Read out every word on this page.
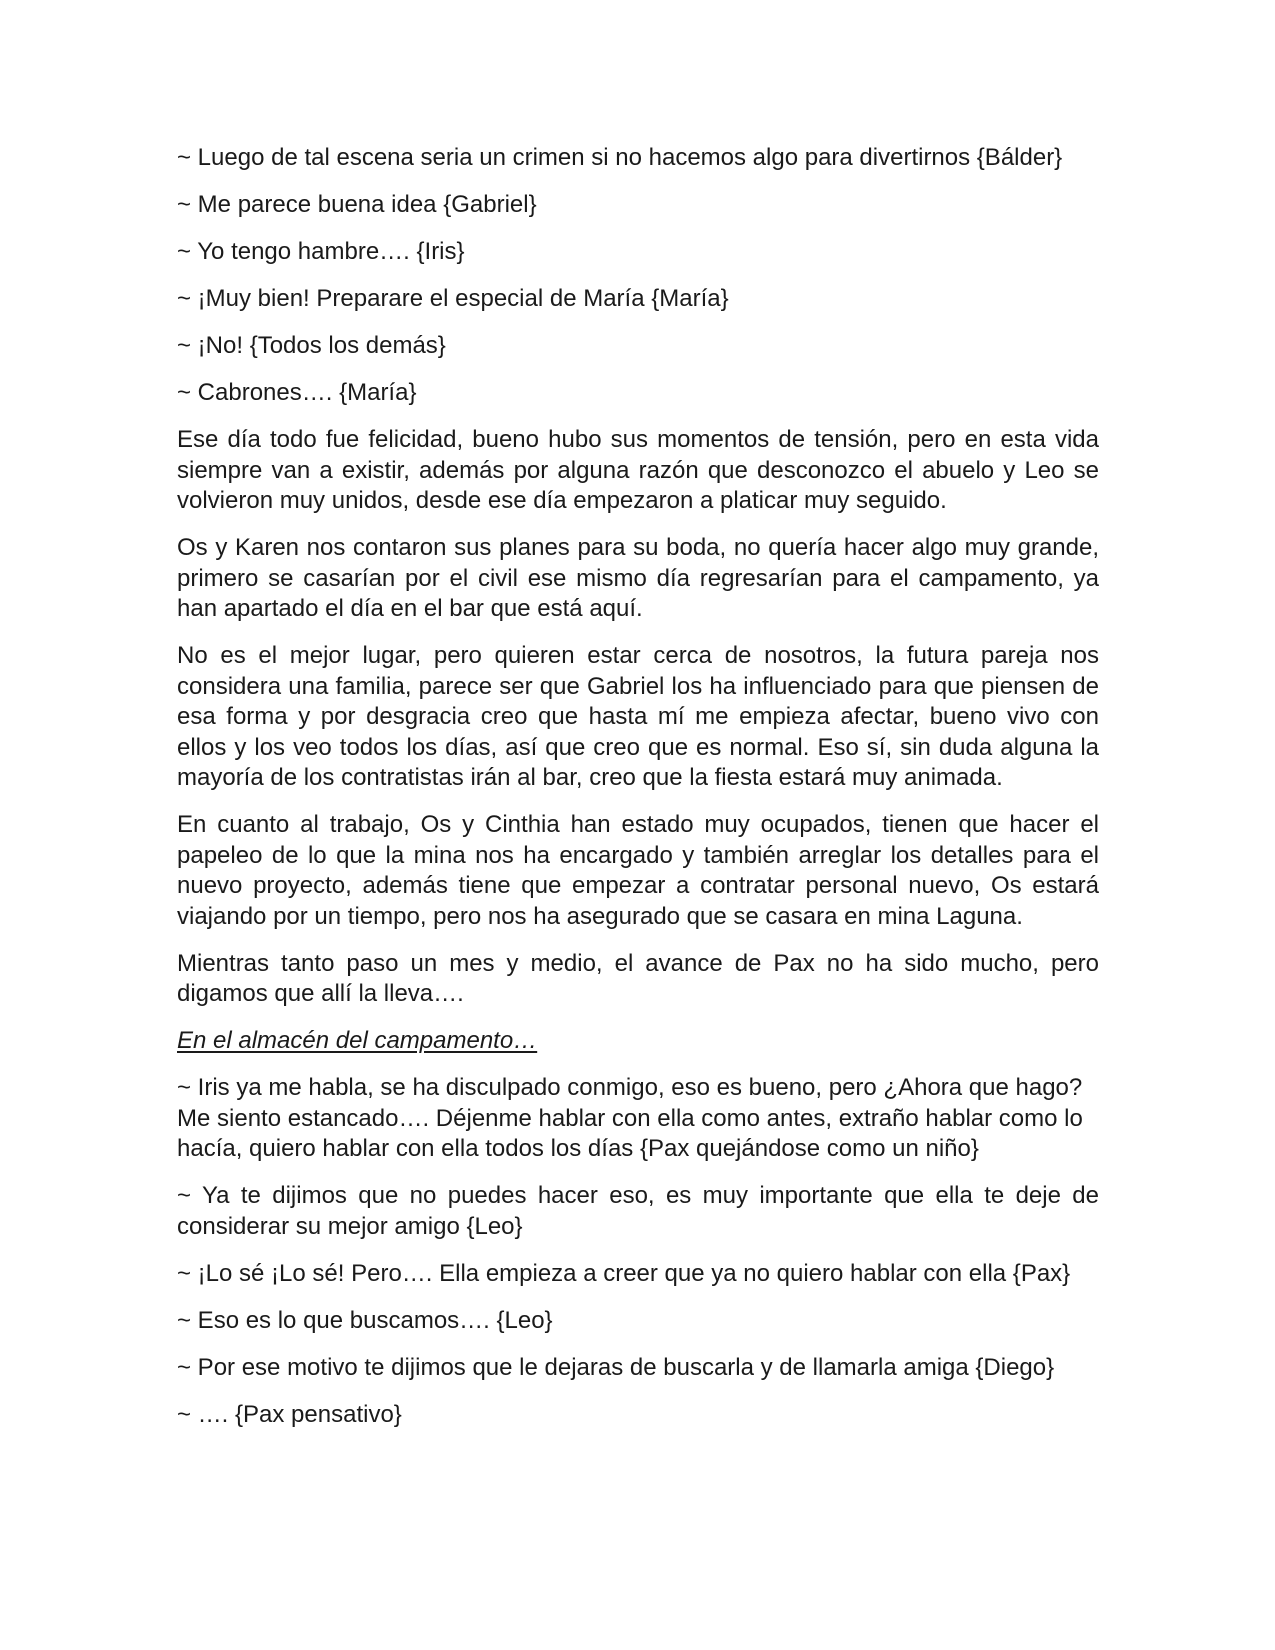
~ Luego de tal escena seria un crimen si no hacemos algo para divertirnos {Bálder}

~ Me parece buena idea {Gabriel}

~ Yo tengo hambre…. {Iris}

~ ¡Muy bien! Preparare el especial de María {María}

~ ¡No! {Todos los demás}

~ Cabrones…. {María}

Ese día todo fue felicidad, bueno hubo sus momentos de tensión, pero en esta vida siempre van a existir, además por alguna razón que desconozco el abuelo y Leo se volvieron muy unidos, desde ese día empezaron a platicar muy seguido.

Os y Karen nos contaron sus planes para su boda, no quería hacer algo muy grande, primero se casarían por el civil ese mismo día regresarían para el campamento, ya han apartado el día en el bar que está aquí.

No es el mejor lugar, pero quieren estar cerca de nosotros, la futura pareja nos considera una familia, parece ser que Gabriel los ha influenciado para que piensen de esa forma y por desgracia creo que hasta mí me empieza afectar, bueno vivo con ellos y los veo todos los días, así que creo que es normal. Eso sí, sin duda alguna la mayoría de los contratistas irán al bar, creo que la fiesta estará muy animada.

En cuanto al trabajo, Os y Cinthia han estado muy ocupados, tienen que hacer el papeleo de lo que la mina nos ha encargado y también arreglar los detalles para el nuevo proyecto, además tiene que empezar a contratar personal nuevo, Os estará viajando por un tiempo, pero nos ha asegurado que se casara en mina Laguna.

Mientras tanto paso un mes y medio, el avance de Pax no ha sido mucho, pero digamos que allí la lleva….

En el almacén del campamento…

~ Iris ya me habla, se ha disculpado conmigo, eso es bueno, pero ¿Ahora que hago? Me siento estancado…. Déjenme hablar con ella como antes, extraño hablar como lo hacía, quiero hablar con ella todos los días {Pax quejándose como un niño}

~ Ya te dijimos que no puedes hacer eso, es muy importante que ella te deje de considerar su mejor amigo {Leo}

~ ¡Lo sé ¡Lo sé! Pero…. Ella empieza a creer que ya no quiero hablar con ella {Pax}

~ Eso es lo que buscamos…. {Leo}

~ Por ese motivo te dijimos que le dejaras de buscarla y de llamarla amiga {Diego}

~ …. {Pax pensativo}
